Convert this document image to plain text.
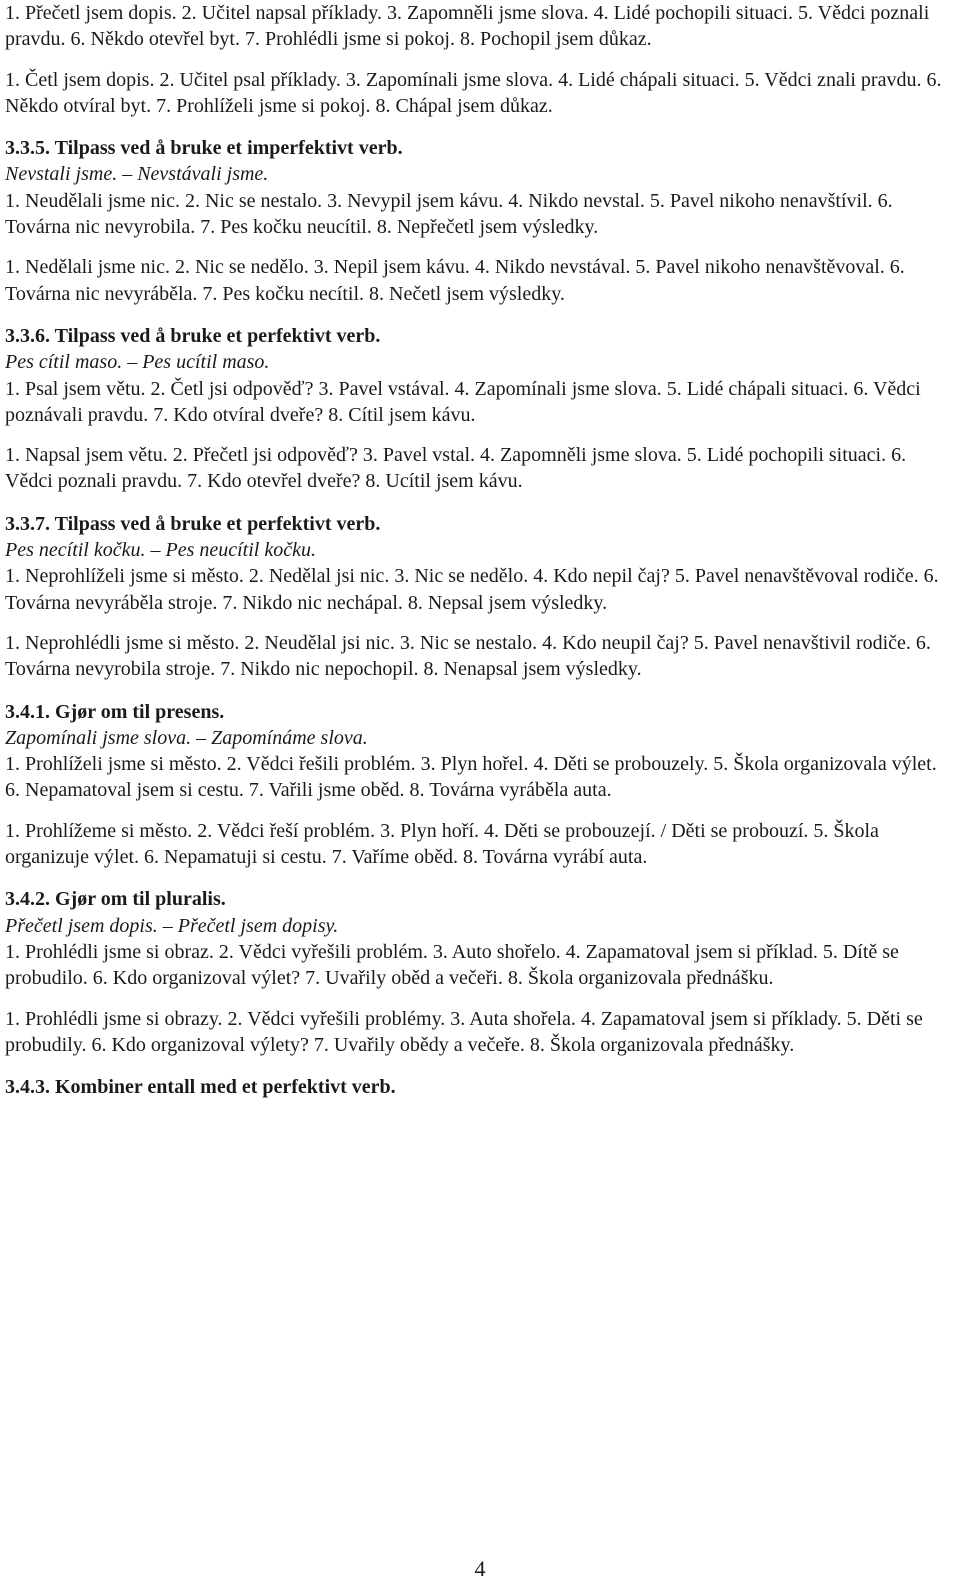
1. Přečetl jsem dopis. 2. Učitel napsal příklady. 3. Zapomněli jsme slova. 4. Lidé pochopili situaci. 5. Vědci poznali pravdu. 6. Někdo otevřel byt. 7. Prohlédli jsme si pokoj. 8. Pochopil jsem důkaz.

1. Četl jsem dopis. 2. Učitel psal příklady. 3. Zapomínali jsme slova. 4. Lidé chápali situaci. 5. Vědci znali pravdu. 6. Někdo otvíral byt. 7. Prohlíželi jsme si pokoj. 8. Chápal jsem důkaz.

3.3.5. Tilpass ved å bruke et imperfektivt verb.

Nevstali jsme. – Nevstávali jsme.

1. Neudělali jsme nic. 2. Nic se nestalo. 3. Nevypil jsem kávu. 4. Nikdo nevstal. 5. Pavel nikoho nenavštívil. 6. Továrna nic nevyrobila. 7. Pes kočku neucítil. 8. Nepřečetl jsem výsledky.

1. Nedělali jsme nic. 2. Nic se nedělo. 3. Nepil jsem kávu. 4. Nikdo nevstával. 5. Pavel nikoho nenavštěvoval. 6. Továrna nic nevyráběla. 7. Pes kočku necítil. 8. Nečetl jsem výsledky.

3.3.6. Tilpass ved å bruke et perfektivt verb.

Pes cítil maso. – Pes ucítil maso.

1. Psal jsem větu. 2. Četl jsi odpověď? 3. Pavel vstával. 4. Zapomínali jsme slova. 5. Lidé chápali situaci. 6. Vědci poznávali pravdu. 7. Kdo otvíral dveře? 8. Cítil jsem kávu.

1. Napsal jsem větu. 2. Přečetl jsi odpověď? 3. Pavel vstal. 4. Zapomněli jsme slova. 5. Lidé pochopili situaci. 6. Vědci poznali pravdu. 7. Kdo otevřel dveře? 8. Ucítil jsem kávu.

3.3.7. Tilpass ved å bruke et perfektivt verb.

Pes necítil kočku. – Pes neucítil kočku.

1. Neprohlíželi jsme si město. 2. Nedělal jsi nic. 3. Nic se nedělo. 4. Kdo nepil čaj? 5. Pavel nenavštěvoval rodiče. 6. Továrna nevyráběla stroje. 7. Nikdo nic nechápal. 8. Nepsal jsem výsledky.

1. Neprohlédli jsme si město. 2. Neudělal jsi nic. 3. Nic se nestalo. 4. Kdo neupil čaj? 5. Pavel nenavštivil rodiče. 6. Továrna nevyrobila stroje. 7. Nikdo nic nepochopil. 8. Nenapsal jsem výsledky.

3.4.1. Gjør om til presens.

Zapomínali jsme slova. – Zapomínáme slova.

1. Prohlíželi jsme si město. 2. Vědci řešili problém. 3. Plyn hořel. 4. Děti se probouzely. 5. Škola organizovala výlet. 6. Nepamatoval jsem si cestu. 7. Vařili jsme oběd. 8. Továrna vyráběla auta.

1. Prohlížeme si město. 2. Vědci řeší problém. 3. Plyn hoří. 4. Děti se probouzejí. / Děti se probouzí. 5. Škola organizuje výlet. 6. Nepamatuji si cestu. 7. Vaříme oběd. 8. Továrna vyrábí auta.

3.4.2. Gjør om til pluralis.

Přečetl jsem dopis. – Přečetl jsem dopisy.

1. Prohlédli jsme si obraz. 2. Vědci vyřešili problém. 3. Auto shořelo. 4. Zapamatoval jsem si příklad. 5. Dítě se probudilo. 6. Kdo organizoval výlet? 7. Uvařily oběd a večeři. 8. Škola organizovala přednášku.

1. Prohlédli jsme si obrazy. 2. Vědci vyřešili problémy. 3. Auta shořela. 4. Zapamatoval jsem si příklady. 5. Děti se probudily. 6. Kdo organizoval výlety? 7. Uvařily obědy a večeře. 8. Škola organizovala přednášky.

3.4.3. Kombiner entall med et perfektivt verb.

4
